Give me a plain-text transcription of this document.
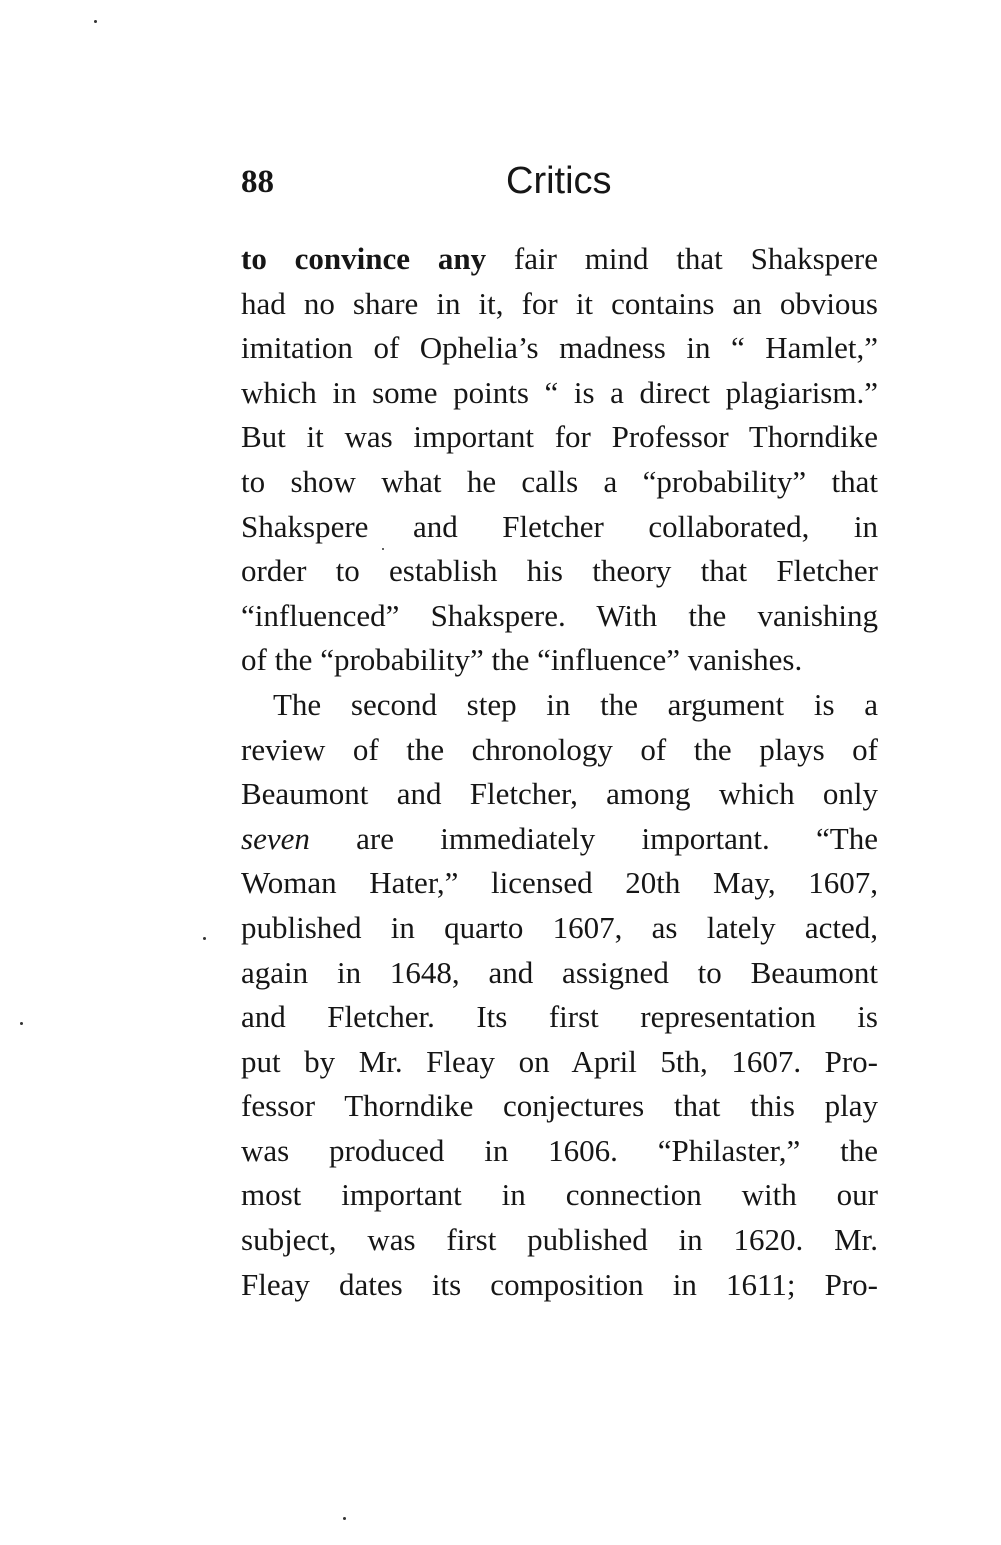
88	Critics
to convince any fair mind that Shakspere
had no share in it, for it contains an obvious
imitation of Ophelia’s madness in “ Hamlet,”
which in some points “ is a direct plagiarism.”
But it was important for Professor Thorndike
to show what he calls a “probability” that
Shakspere and Fletcher collaborated, in
order to establish his theory that Fletcher
“influenced” Shakspere. With the vanishing
of the “probability” the “influence” vanishes.
The second step in the argument is a
review of the chronology of the plays of
Beaumont and Fletcher, among which only
seven are immediately important. “The
Woman Hater,” licensed 20th May, 1607,
published in quarto 1607, as lately acted,
again in 1648, and assigned to Beaumont
and Fletcher. Its first representation is
put by Mr. Fleay on April 5th, 1607. Pro-
fessor Thorndike conjectures that this play
was produced in 1606. “Philaster,” the
most important in connection with our
subject, was first published in 1620. Mr.
Fleay dates its composition in 1611; Pro-
